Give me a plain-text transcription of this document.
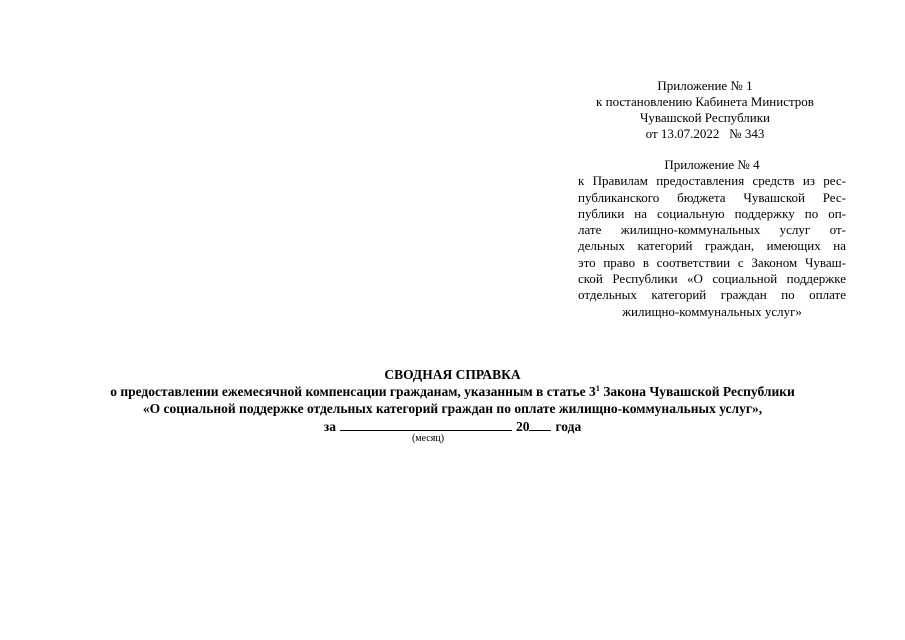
Приложение № 1
к постановлению Кабинета Министров
Чувашской Республики
от 13.07.2022   № 343
Приложение № 4
к Правилам предоставления средств из рес-
публиканского бюджета Чувашской Рес-
публики на социальную поддержку по оп-
лате жилищно-коммунальных услуг от-
дельных категорий граждан, имеющих на
это право в соответствии с Законом Чуваш-
ской Республики «О социальной поддержке
отдельных категорий граждан по оплате
жилищно-коммунальных услуг»
СВОДНАЯ СПРАВКА
о предоставлении ежемесячной компенсации гражданам, указанным в статье $3^1$ Закона Чувашской Республики
«О социальной поддержке отдельных категорий граждан по оплате жилищно-коммунальных услуг»,
за	20 года
(месяц)
